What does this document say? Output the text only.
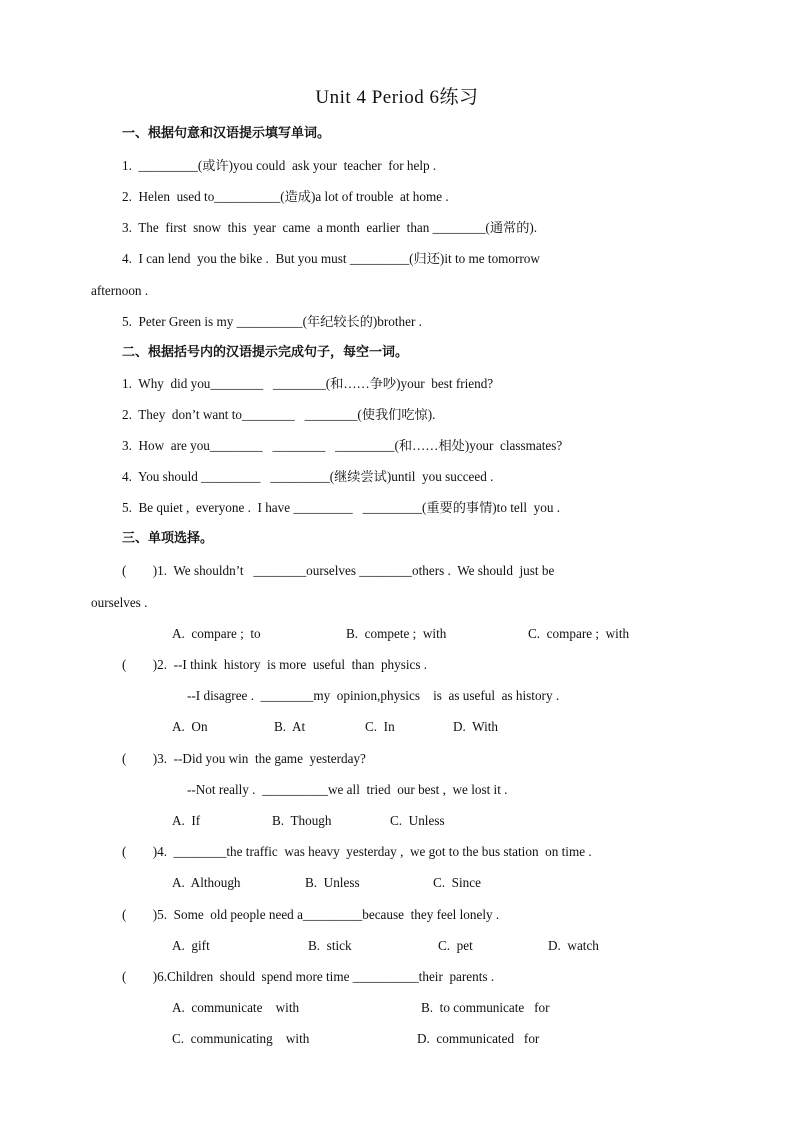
Unit 4 Period 6练习
一、根据句意和汉语提示填写单词。
1.  _________(或许)you could  ask your  teacher  for help .
2.  Helen  used to__________(造成)a lot of trouble  at home .
3.  The  first  snow  this  year  came  a month  earlier  than ________(通常的).
4.  I can lend  you the bike .  But you must _________(归还)it to me tomorrow
afternoon .
5.  Peter Green is my __________(年纪较长的)brother .
二、根据括号内的汉语提示完成句子，每空一词。
1.  Why  did you________   ________(和……争吵)your  best friend?
2.  They  don’t want to________   ________(使我们吃惊).
3.  How  are you________   ________   _________(和……相处)your  classmates?
4.  You should _________   _________(继续尝试)until  you succeed .
5.  Be quiet ,  everyone .  I have _________   _________(重要的事情)to tell  you .
三、单项选择。
(        )1.  We shouldn’t   ________ourselves ________others .  We should  just be
ourselves .
A.  compare ;  to	B.  compete ;  with	C.  compare ;  with
(        )2.  --I think  history  is more  useful  than  physics .
--I disagree .  ________my  opinion,physics    is  as useful  as history .
A.  On	B.  At	C.  In	D.  With
(        )3.  --Did you win  the game  yesterday?
--Not really .  __________we all  tried  our best ,  we lost it .
A.  If	B.  Though	C.  Unless
(        )4.  ________the traffic  was heavy  yesterday ,  we got to the bus station  on time .
A.  Although	B.  Unless	C.  Since
(        )5.  Some  old people need a_________because  they feel lonely .
A.  gift	B.  stick	C.  pet	D.  watch
(        )6.Children  should  spend more time __________their  parents .
A.  communicate    with	B.  to communicate   for
C.  communicating    with	D.  communicated   for
